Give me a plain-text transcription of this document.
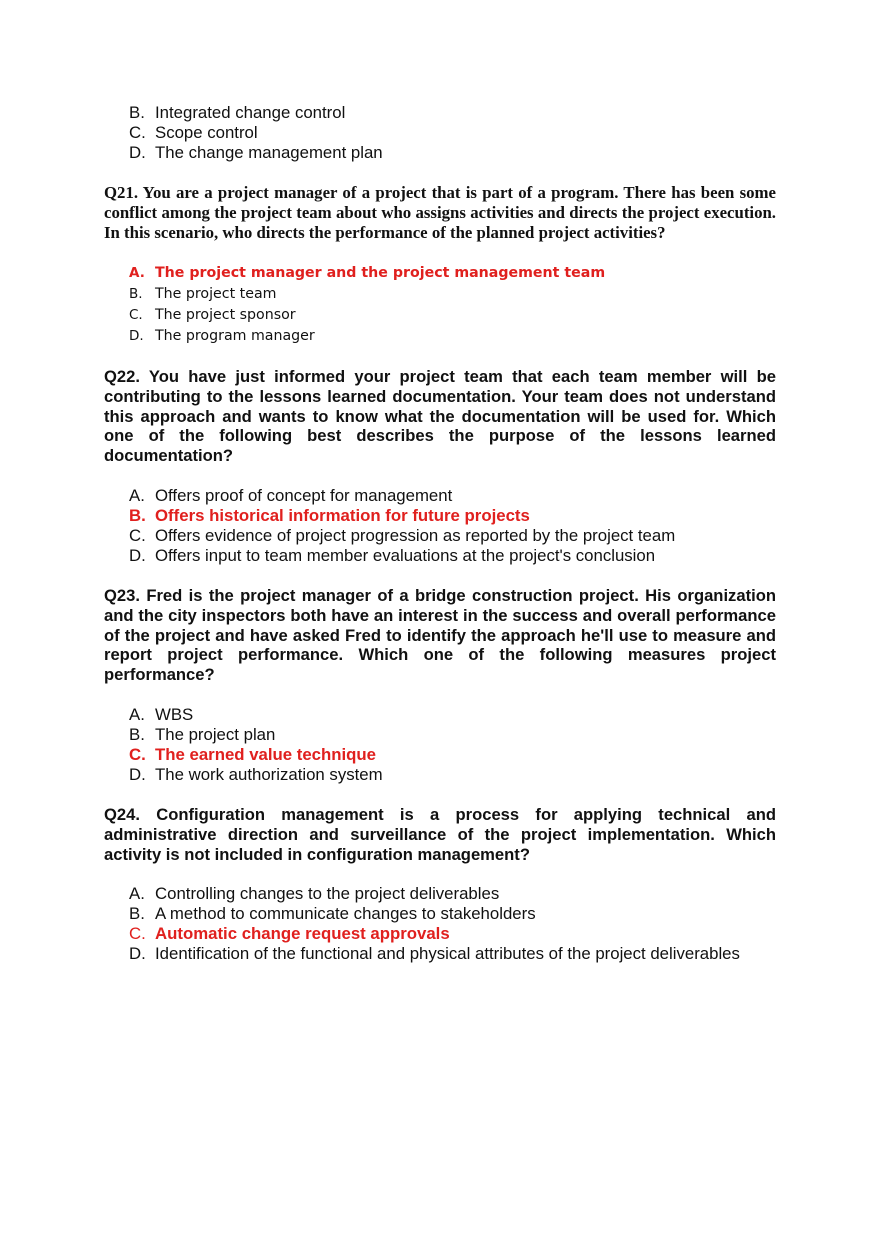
B. Integrated change control
C. Scope control
D. The change management plan

Q21. You are a project manager of a project that is part of a program. There has been some conflict among the project team about who assigns activities and directs the project execution. In this scenario, who directs the performance of the planned project activities?

A. The project manager and the project management team
B. The project team
C. The project sponsor
D. The program manager

Q22. You have just informed your project team that each team member will be contributing to the lessons learned documentation. Your team does not understand this approach and wants to know what the documentation will be used for. Which one of the following best describes the purpose of the lessons learned documentation?

A. Offers proof of concept for management
B. Offers historical information for future projects
C. Offers evidence of project progression as reported by the project team
D. Offers input to team member evaluations at the project's conclusion

Q23. Fred is the project manager of a bridge construction project. His organization and the city inspectors both have an interest in the success and overall performance of the project and have asked Fred to identify the approach he'll use to measure and report project performance. Which one of the following measures project performance?

A. WBS
B. The project plan
C. The earned value technique
D. The work authorization system

Q24. Configuration management is a process for applying technical and administrative direction and surveillance of the project implementation. Which activity is not included in configuration management?

A. Controlling changes to the project deliverables
B. A method to communicate changes to stakeholders
C. Automatic change request approvals
D. Identification of the functional and physical attributes of the project deliverables
